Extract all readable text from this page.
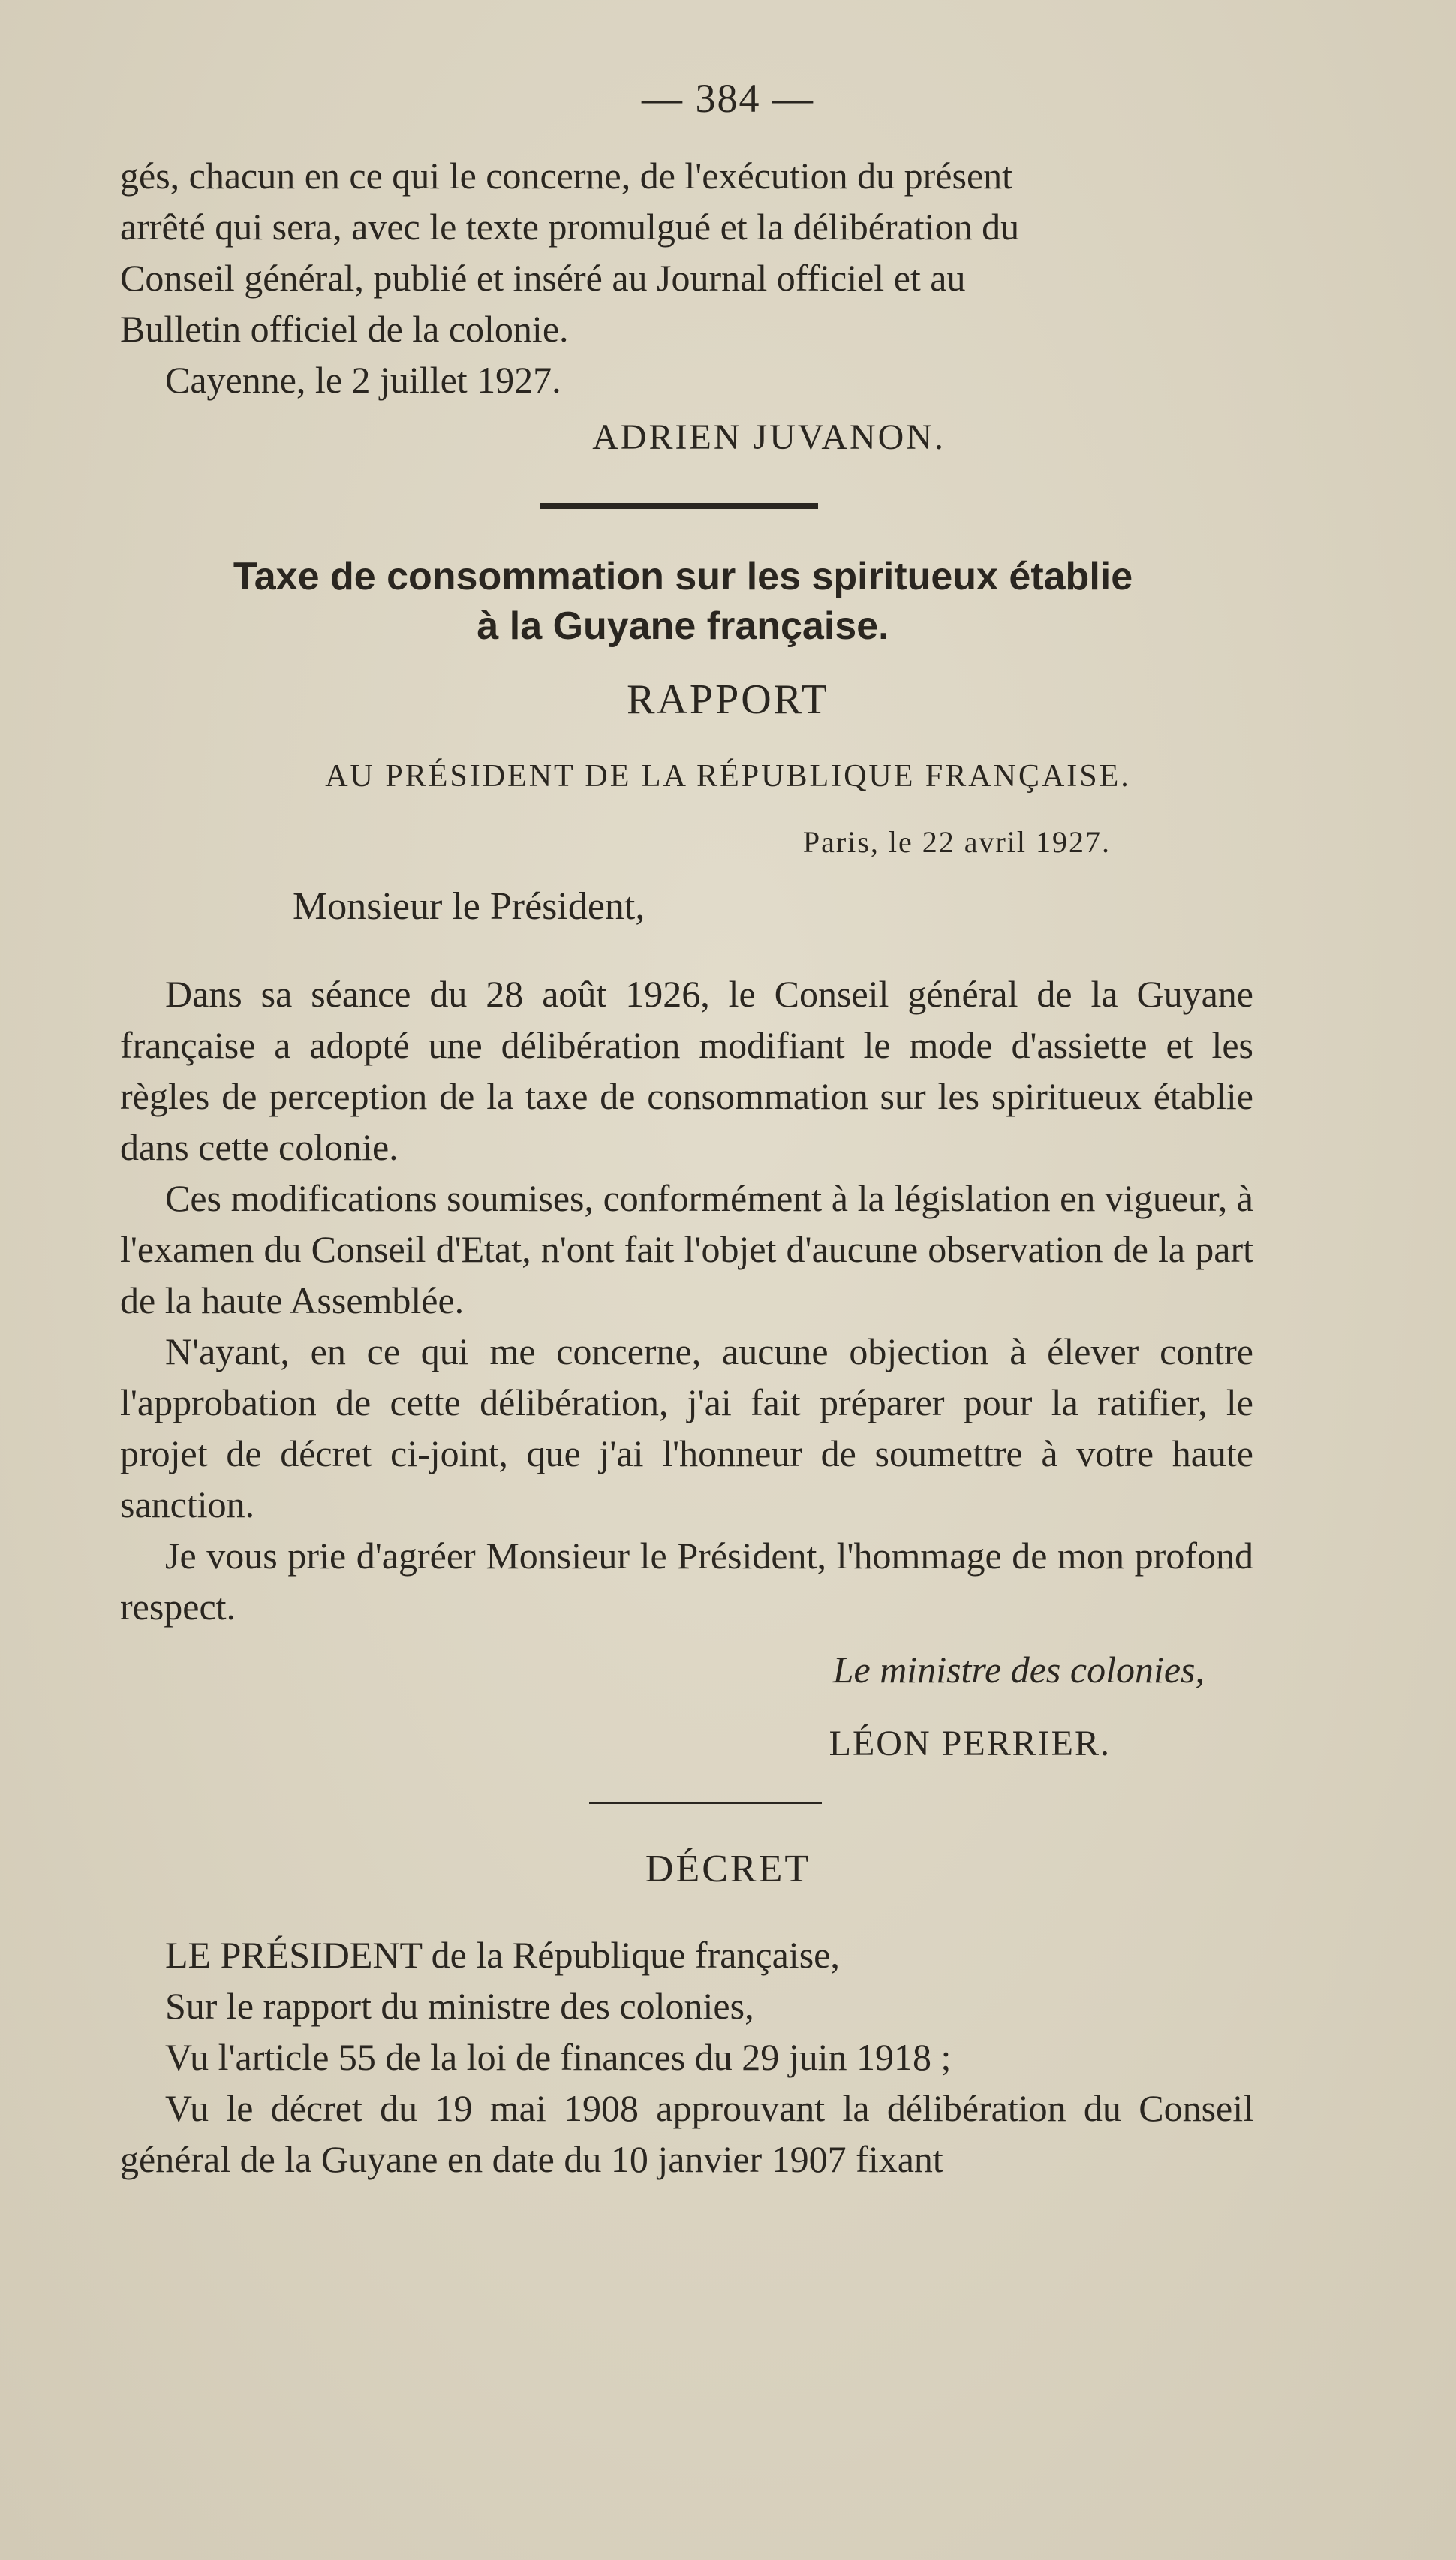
— 384 —

gés, chacun en ce qui le concerne, de l'exécution du présent
arrêté qui sera, avec le texte promulgué et la délibération du
Conseil général, publié et inséré au Journal officiel et au
Bulletin officiel de la colonie.

Cayenne, le 2 juillet 1927.

ADRIEN JUVANON.
Taxe de consommation sur les spiritueux établie
à la Guyane française.
RAPPORT
AU PRÉSIDENT DE LA RÉPUBLIQUE FRANÇAISE.
Paris, le 22 avril 1927.
Monsieur le Président,

Dans sa séance du 28 août 1926, le Conseil général de la Guyane française a adopté une délibération modifiant le mode d'assiette et les règles de perception de la taxe de consommation sur les spiritueux établie dans cette colonie.

Ces modifications soumises, conformément à la législation en vigueur, à l'examen du Conseil d'Etat, n'ont fait l'objet d'aucune observation de la part de la haute Assemblée.

N'ayant, en ce qui me concerne, aucune objection à élever contre l'approbation de cette délibération, j'ai fait préparer pour la ratifier, le projet de décret ci-joint, que j'ai l'honneur de soumettre à votre haute sanction.

Je vous prie d'agréer Monsieur le Président, l'hommage de mon profond respect.

Le ministre des colonies,
LÉON PERRIER.
DÉCRET

LE PRÉSIDENT de la République française,

Sur le rapport du ministre des colonies,

Vu l'article 55 de la loi de finances du 29 juin 1918 ;

Vu le décret du 19 mai 1908 approuvant la délibération du Conseil général de la Guyane en date du 10 janvier 1907 fixant
